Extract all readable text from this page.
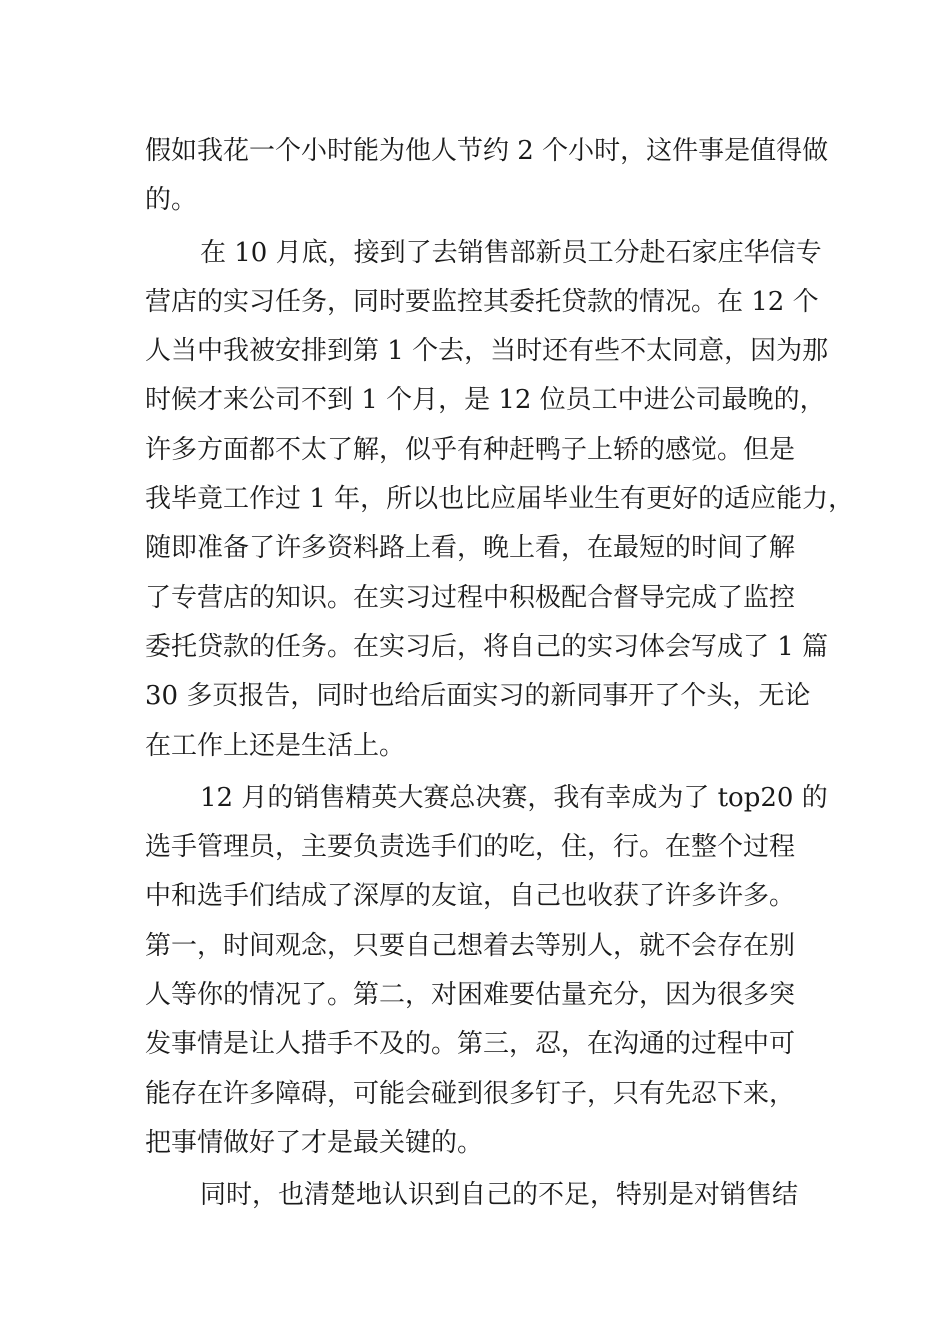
假如我花一个小时能为他人节约 2 个小时，这件事是值得做
的。
在 10 月底，接到了去销售部新员工分赴石家庄华信专
营店的实习任务，同时要监控其委托贷款的情况。在 12 个
人当中我被安排到第 1 个去，当时还有些不太同意，因为那
时候才来公司不到 1 个月，是 12 位员工中进公司最晚的，
许多方面都不太了解，似乎有种赶鸭子上轿的感觉。但是
我毕竟工作过 1 年，所以也比应届毕业生有更好的适应能力，
随即准备了许多资料路上看，晚上看，在最短的时间了解
了专营店的知识。在实习过程中积极配合督导完成了监控
委托贷款的任务。在实习后，将自己的实习体会写成了 1 篇
30 多页报告，同时也给后面实习的新同事开了个头，无论
在工作上还是生活上。
12 月的销售精英大赛总决赛，我有幸成为了 top20 的
选手管理员，主要负责选手们的吃，住，行。在整个过程
中和选手们结成了深厚的友谊，自己也收获了许多许多。
第一，时间观念，只要自己想着去等别人，就不会存在别
人等你的情况了。第二，对困难要估量充分，因为很多突
发事情是让人措手不及的。第三，忍，在沟通的过程中可
能存在许多障碍，可能会碰到很多钉子，只有先忍下来，
把事情做好了才是最关键的。
同时，也清楚地认识到自己的不足，特别是对销售结
